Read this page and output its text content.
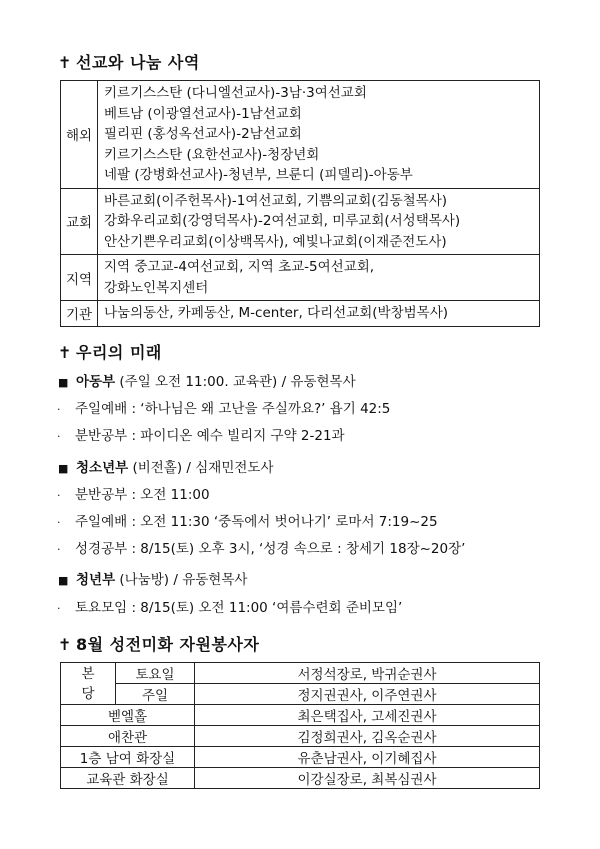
✝ 선교와 나눔 사역
해외	키르기스스탄 (다니엘선교사)-3남·3여선교회
베트남 (이광열선교사)-1남선교회
필리핀 (홍성옥선교사)-2남선교회
키르기스스탄 (요한선교사)-청장년회
네팔 (강병화선교사)-청년부, 브룬디 (피델리)-아동부

교회	바른교회(이주헌목사)-1여선교회, 기쁨의교회(김동철목사)
강화우리교회(강영덕목사)-2여선교회, 미루교회(서성택목사)
안산기쁜우리교회(이상백목사), 예빛나교회(이재준전도사)

지역	지역 중고교-4여선교회, 지역 초교-5여선교회,
강화노인복지센터

기관	나눔의동산, 카페동산, M-center, 다리선교회(박창범목사)
✝ 우리의 미래
■ 아동부 (주일 오전 11:00. 교육관) / 유동현목사
· 주일예배 : ‘하나님은 왜 고난을 주실까요?’ 욥기 42:5
· 분반공부 : 파이디온 예수 빌리지 구약 2-21과
■ 청소년부 (비전홀) / 심재민전도사
· 분반공부 : 오전 11:00
· 주일예배 : 오전 11:30 ‘중독에서 벗어나기’ 로마서 7:19~25
· 성경공부 : 8/15(토) 오후 3시, ‘성경 속으로 : 창세기 18장~20장’
■ 청년부 (나눔방) / 유동현목사
· 토요모임 : 8/15(토) 오전 11:00 ‘여름수련회 준비모임’
✝ 8월 성전미화 자원봉사자
본
당	토요일	서정석장로, 박귀순권사
	주일	정지권권사, 이주연권사
벧엘홀		최은택집사, 고세진권사
애찬관		김정희권사, 김옥순권사
1층 남여 화장실		유춘남권사, 이기혜집사
교육관 화장실		이강실장로, 최복심권사
